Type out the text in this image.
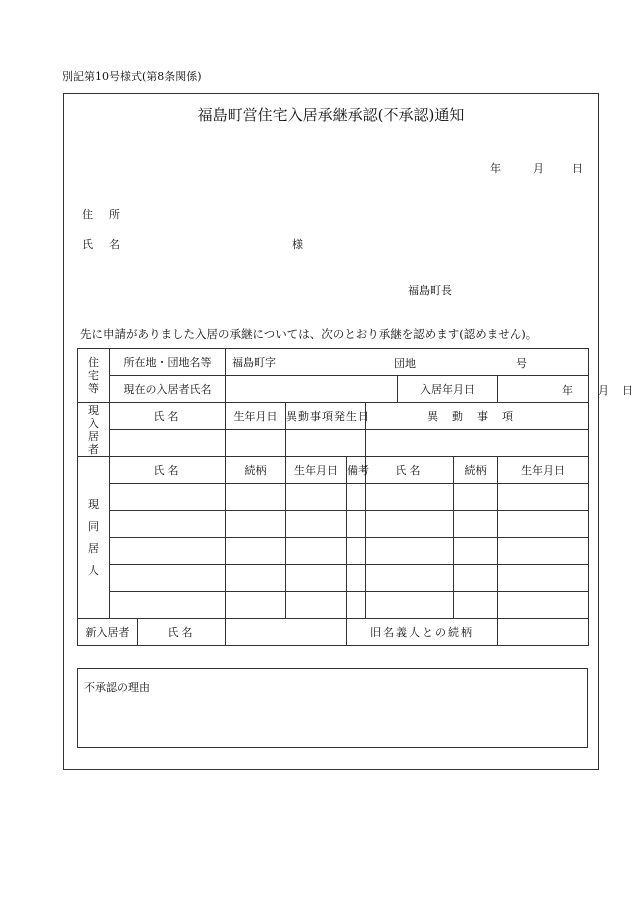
別記第10号様式(第8条関係)
福島町営住宅入居承継承認(不承認)通知
年	月	日
住所
氏名	様
福島町長
先に申請がありました入居の承継については、次のとおり承継を認めます(認めません)。
住宅等	所在地・団地名等		福島町字 団地 号							

	現在の入居者氏名						入居年月日		年 月 日	

現入居者	氏名		生年月日	異動事項発生日		異動事項				

現同居人	氏名		続柄	生年月日	備考	氏名		続柄	生年月日	

新入居者		氏名			旧名義人との続柄					
不承認の理由
